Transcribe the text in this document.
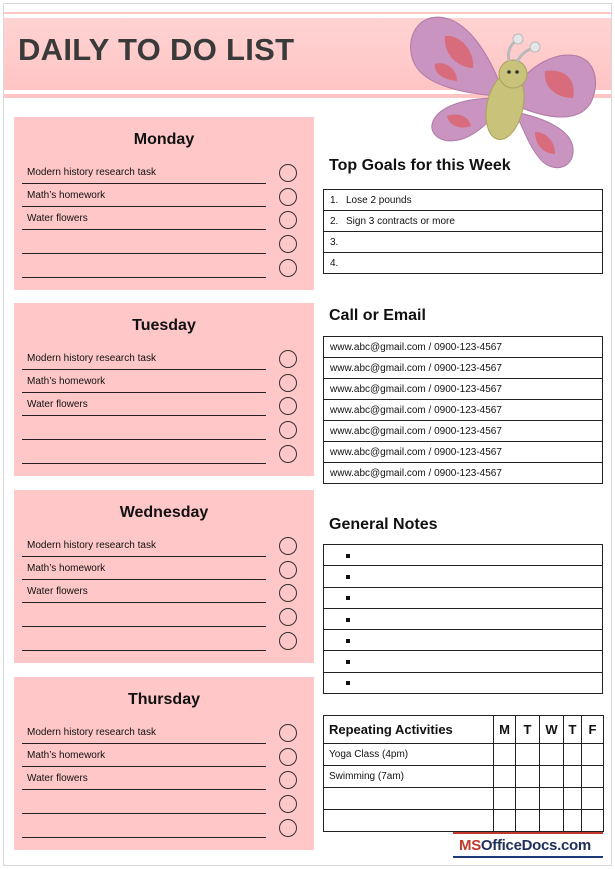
DAILY TO DO LIST
Monday
Modern history research task
Math’s homework
Water flowers
Tuesday
Modern history research task
Math’s homework
Water flowers
Wednesday
Modern history research task
Math’s homework
Water flowers
Thursday
Modern history research task
Math’s homework
Water flowers
Top Goals for this Week
1. Lose 2 pounds
2. Sign 3 contracts or more
3.
4.
Call or Email
www.abc@gmail.com / 0900-123-4567
www.abc@gmail.com / 0900-123-4567
www.abc@gmail.com / 0900-123-4567
www.abc@gmail.com / 0900-123-4567
www.abc@gmail.com / 0900-123-4567
www.abc@gmail.com / 0900-123-4567
www.abc@gmail.com / 0900-123-4567
General Notes

Repeating Activities	M	T	W	T	F
Yoga Class (4pm)					
Swimming (7am)					

MSOfficeDocs.com
